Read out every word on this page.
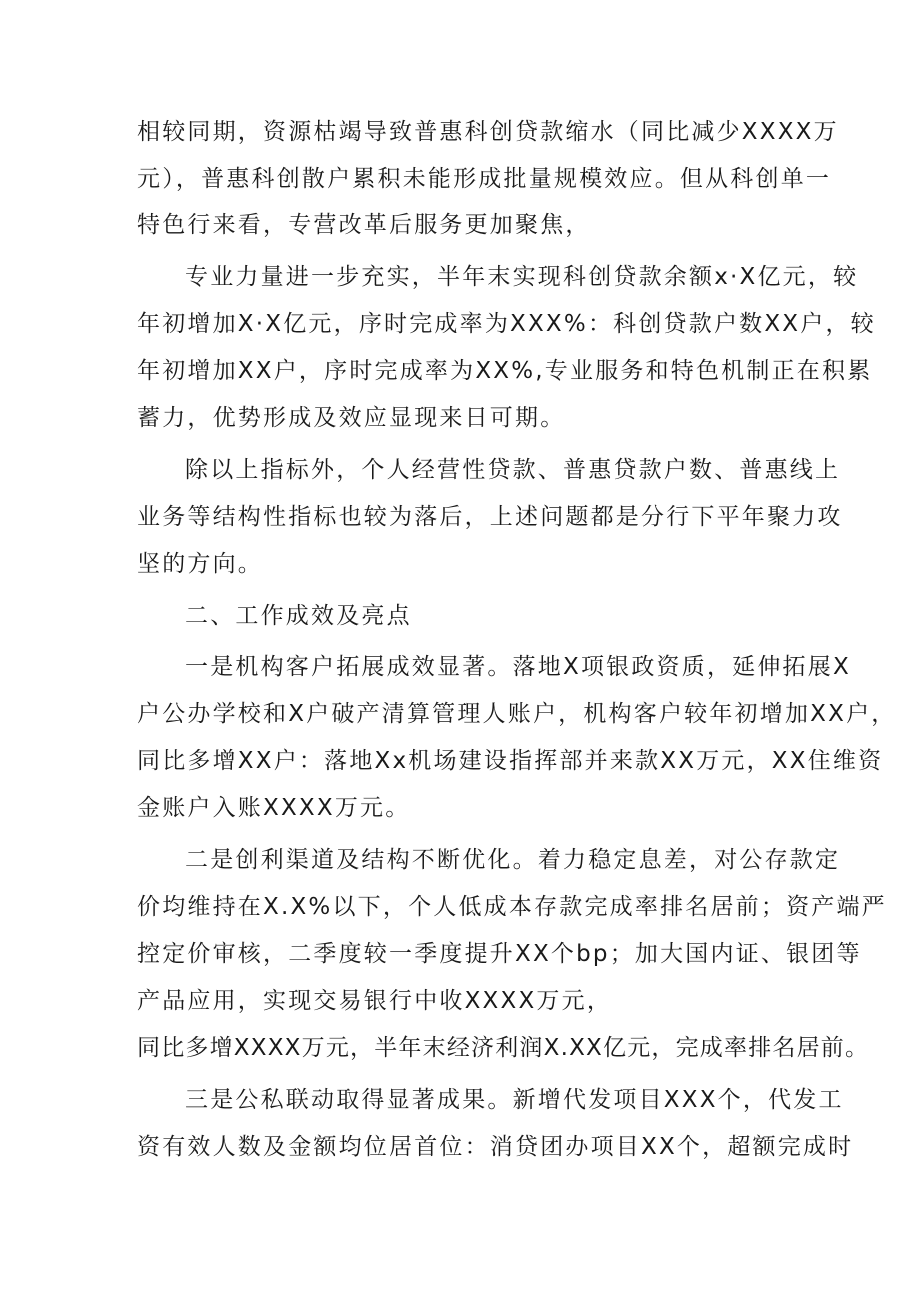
相较同期，资源枯竭导致普惠科创贷款缩水（同比减少XXXX万
元），普惠科创散户累积未能形成批量规模效应。但从科创单一
特色行来看，专营改革后服务更加聚焦，
专业力量进一步充实，半年末实现科创贷款余额x·X亿元，较
年初增加X·X亿元，序时完成率为XXX%：科创贷款户数XX户，较
年初增加XX户，序时完成率为XX%,专业服务和特色机制正在积累
蓄力，优势形成及效应显现来日可期。
除以上指标外，个人经营性贷款、普惠贷款户数、普惠线上
业务等结构性指标也较为落后，上述问题都是分行下平年聚力攻
坚的方向。
二、工作成效及亮点
一是机构客户拓展成效显著。落地X项银政资质，延伸拓展X
户公办学校和X户破产清算管理人账户，机构客户较年初增加XX户，
同比多增XX户：落地Xx机场建设指挥部并来款XX万元，XX住维资
金账户入账XXXX万元。
二是创利渠道及结构不断优化。着力稳定息差，对公存款定
价均维持在X.X%以下，个人低成本存款完成率排名居前；资产端严
控定价审核，二季度较一季度提升XX个bp；加大国内证、银团等
产品应用，实现交易银行中收XXXX万元，
同比多增XXXX万元，半年末经济利润X.XX亿元，完成率排名居前。
三是公私联动取得显著成果。新增代发项目XXX个，代发工
资有效人数及金额均位居首位：消贷团办项目XX个，超额完成时
